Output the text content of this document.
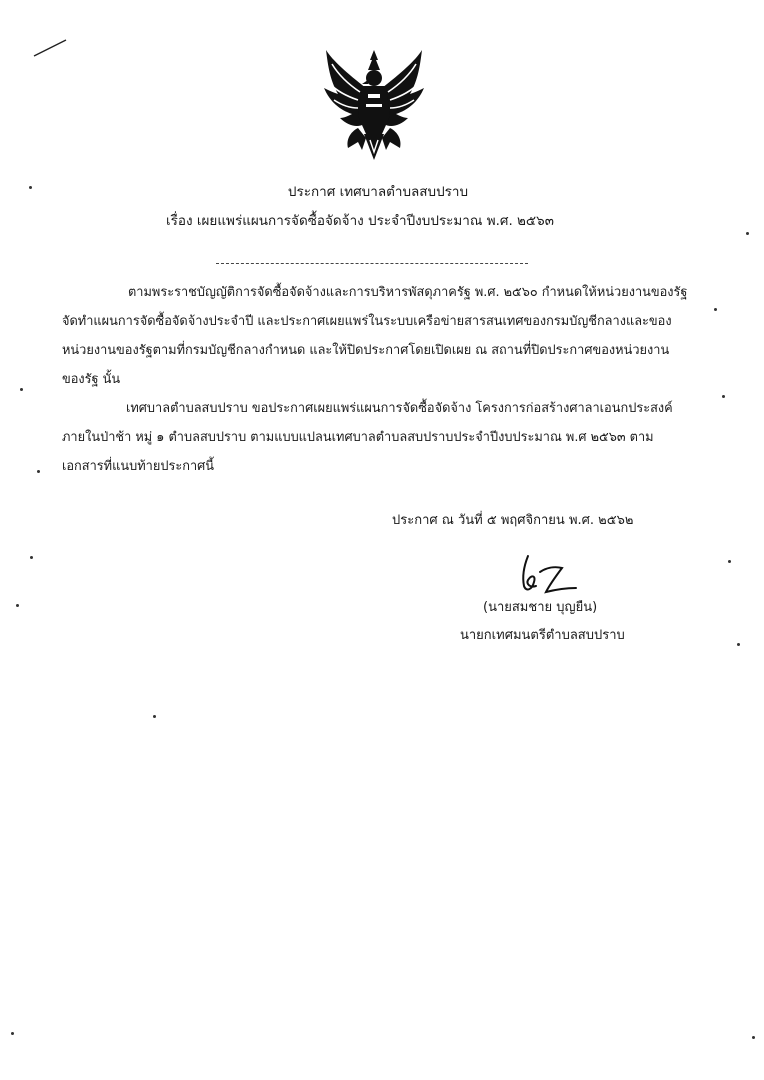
ประกาศ เทศบาลตำบลสบปราบ
เรื่อง เผยแพร่แผนการจัดซื้อจัดจ้าง ประจำปีงบประมาณ พ.ศ. ๒๕๖๓
ตามพระราชบัญญัติการจัดซื้อจัดจ้างและการบริหารพัสดุภาครัฐ พ.ศ. ๒๕๖๐ กำหนดให้หน่วยงานของรัฐ
จัดทำแผนการจัดซื้อจัดจ้างประจำปี และประกาศเผยแพร่ในระบบเครือข่ายสารสนเทศของกรมบัญชีกลางและของ
หน่วยงานของรัฐตามที่กรมบัญชีกลางกำหนด และให้ปิดประกาศโดยเปิดเผย ณ สถานที่ปิดประกาศของหน่วยงาน
ของรัฐ นั้น
เทศบาลตำบลสบปราบ ขอประกาศเผยแพร่แผนการจัดซื้อจัดจ้าง โครงการก่อสร้างศาลาเอนกประสงค์
ภายในป่าช้า หมู่ ๑ ตำบลสบปราบ ตามแบบแปลนเทศบาลตำบลสบปราบประจำปีงบประมาณ พ.ศ ๒๕๖๓ ตาม
เอกสารที่แนบท้ายประกาศนี้
ประกาศ ณ วันที่ ๕ พฤศจิกายน พ.ศ. ๒๕๖๒
(นายสมชาย บุญยืน)
นายกเทศมนตรีตำบลสบปราบ
